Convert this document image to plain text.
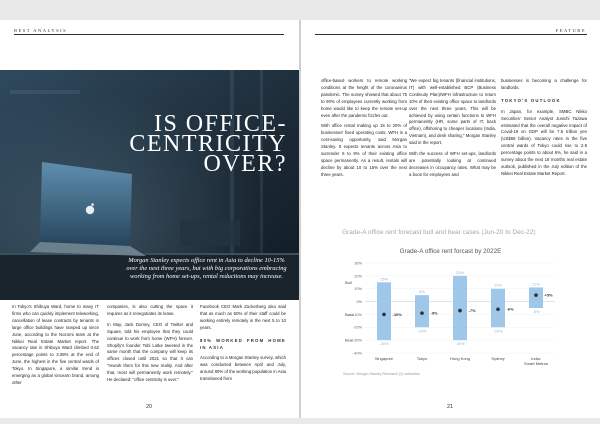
BEST ANALYSIS
IS OFFICE-CENTRICITY OVER?
Morgan Stanley expects office rent in Asia to decline 10-15% over the next three years, but with big corporations embracing working from home set-ups, rental reductions may increase.

In Tokyo's Shibuya Ward, home to many IT firms who can quickly implement teleworking, cancellation of lease contracts by tenants in large office buildings have ramped up since June, according to the Nozomi team at the Nikkei Real Estate Market report. The vacancy rate in Shibuya Ward climbed 0.62 percentage points to 3.08% at the end of June, the highest in the five central wards of Tokyo. In Singapore, a similar trend is emerging as a global sincearn brand, among other

companies, is also cutting the space it requires as it renegotiates its lease.

In May, Jack Dorsey, CEO of Twitter and Square, told his employee that they could continue to work from home (WFH) forever. Shopify's founder Tobi Lutke tweeted in the same month that the company will keep its offices closed until 2021 so that it can "rework them for this new reality. And after that, most will permanently work remotely." He declared: "office centricity is over."

Facebook CEO Mark Zuckerberg also said that as much as 50% of their staff could be working entirely remotely in the next 5 to 10 years.

80% WORKED FROM HOME IN ASIA

According to a Morgan Stanley survey, which was conducted between April and July, around 80% of the working population in Asia transitioned from

20
FEATURE

office-based workers to remote working conditions at the height of the coronavirus pandemic. The survey showed that about 75 to 90% of employees currently working from home would like to keep the remote set-up even after the pandemic fizzles out.

With office rental making up 15 to 20% of businesses' fixed operating costs, WFH is a cost-saving opportunity, said Morgan Stanley. It expects tenants across Asia to surrender 5 to 9% of their existing office space permanently. As a result, rentals will decline by about 10 to 15% over the next three years.

"We expect big tenants (financial institutions, IT) with well-established BCP (Business Continuity Plan)/WFH infrastructure to return 10% of their existing office space to landlords over the next three years. This will be achieved by using certain functions to WFH permanently (HR, some parts of IT, back office), offshoring to cheaper locations (India, Vietnam), and desk sharing," Morgan Stanley said in the report.

With the success of WFH set-ups, landlords are potentially looking at continued decreases in occupancy rates. What may be a boon for employees and

businesses is becoming a challenge for landlords.

TOKYO'S OUTLOOK

In Japan, for example, SMBC Nikko Securities' Senior Analyst Junichi Tazawa estimated that the overall negative impact of Covid-19 on GDP will be 7.5 trillion yen (US$68 billion). Vacancy rates in the five central wards of Tokyo could rise to 2.9 percentage points to about 6%, he said in a survey about the next 18 months real estate outlook, published in the July edition of the Nikkei Real Estate Market Report.

Grade-A office rent forecast bull and bear cases (Jun-20 to Dec-22)
Grade-A office rent forcast by 2022E
30%
20%
10%
0%
-10%
-20%
-30%
-40%
Bull
Base
Bear
-10%
15%
-30%
Singapore
-9%
5%
-20%
Tokyo
-7%
20%
-30%
Hong Kong
-6%
10%
-20%
Sydney
+5%
11%
-5%
India:
Smart Metros
Source: Morgan Stanley Research (2) estimates
21
